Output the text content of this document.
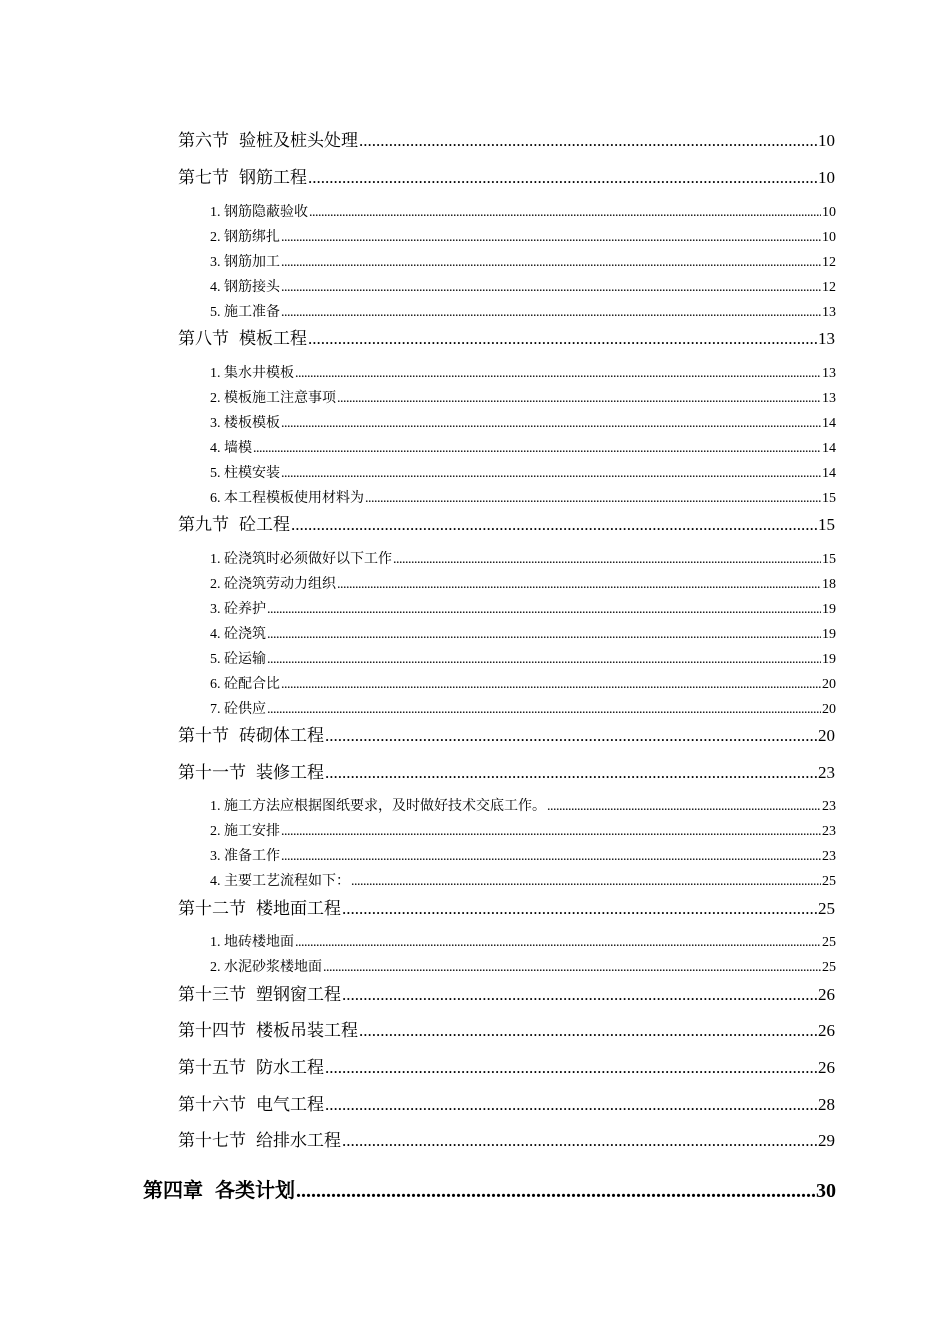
第六节 验桩及桩头处理 .....	10
第七节 钢筋工程 .....	10
1. 钢筋隐蔽验收 .....	10
2. 钢筋绑扎 .....	10
3. 钢筋加工 .....	12
4. 钢筋接头 .....	12
5. 施工准备 .....	13
第八节 模板工程 .....	13
1. 集水井模板 .....	13
2. 模板施工注意事项 .....	13
3. 楼板模板 .....	14
4. 墙模 .....	14
5. 柱模安装 .....	14
6. 本工程模板使用材料为 .....	15
第九节 砼工程 .....	15
1. 砼浇筑时必须做好以下工作 .....	15
2. 砼浇筑劳动力组织 .....	18
3. 砼养护 .....	19
4. 砼浇筑 .....	19
5. 砼运输 .....	19
6. 砼配合比 .....	20
7. 砼供应 .....	20
第十节 砖砌体工程 .....	20
第十一节 装修工程 .....	23
1. 施工方法应根据图纸要求，及时做好技术交底工作。 .....	23
2. 施工安排 .....	23
3. 准备工作 .....	23
4. 主要工艺流程如下： .....	25
第十二节 楼地面工程 .....	25
1. 地砖楼地面 .....	25
2. 水泥砂浆楼地面 .....	25
第十三节 塑钢窗工程 .....	26
第十四节 楼板吊装工程 .....	26
第十五节 防水工程 .....	26
第十六节 电气工程 .....	28
第十七节 给排水工程 .....	29
第四章 各类计划 .....	30
